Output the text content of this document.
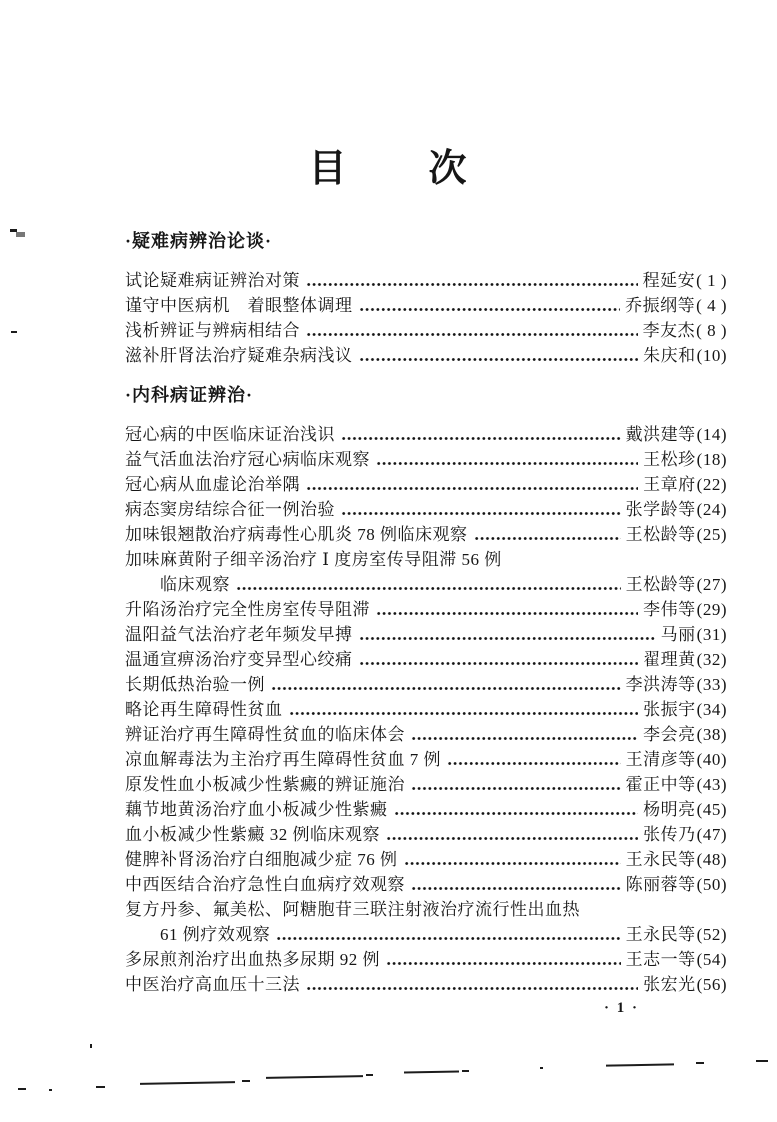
目　　次
·疑难病辨治论谈·
试论疑难病证辨治对策	程延安( 1 )
谨守中医病机　着眼整体调理	乔振纲等( 4 )
浅析辨证与辨病相结合	李友杰( 8 )
滋补肝肾法治疗疑难杂病浅议	朱庆和(10)
·内科病证辨治·
冠心病的中医临床证治浅识	戴洪建等(14)
益气活血法治疗冠心病临床观察	王松珍(18)
冠心病从血虚论治举隅	王章府(22)
病态窦房结综合征一例治验	张学龄等(24)
加味银翘散治疗病毒性心肌炎 78 例临床观察	王松龄等(25)
加味麻黄附子细辛汤治疗 Ⅰ 度房室传导阻滞 56 例
临床观察	王松龄等(27)
升陷汤治疗完全性房室传导阻滞	李伟等(29)
温阳益气法治疗老年频发早搏	马丽(31)
温通宣痹汤治疗变异型心绞痛	翟理黄(32)
长期低热治验一例	李洪涛等(33)
略论再生障碍性贫血	张振宇(34)
辨证治疗再生障碍性贫血的临床体会	李会亮(38)
凉血解毒法为主治疗再生障碍性贫血 7 例	王清彦等(40)
原发性血小板减少性紫癜的辨证施治	霍正中等(43)
藕节地黄汤治疗血小板减少性紫癜	杨明亮(45)
血小板减少性紫癜 32 例临床观察	张传乃(47)
健脾补肾汤治疗白细胞减少症 76 例	王永民等(48)
中西医结合治疗急性白血病疗效观察	陈丽蓉等(50)
复方丹参、氟美松、阿糖胞苷三联注射液治疗流行性出血热
61 例疗效观察	王永民等(52)
多尿煎剂治疗出血热多尿期 92 例	王志一等(54)
中医治疗高血压十三法	张宏光(56)
· 1 ·
